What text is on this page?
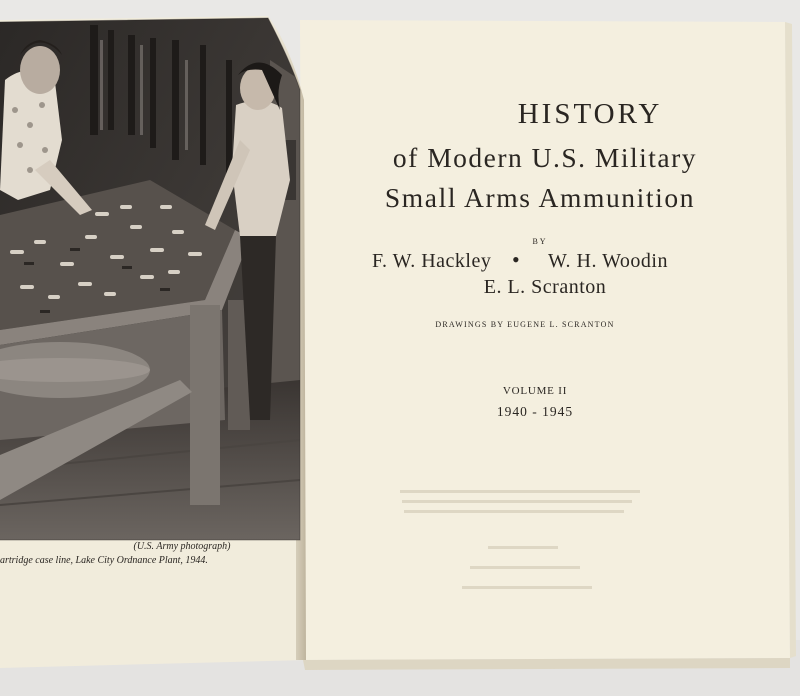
HISTORY
of Modern U.S. Military
Small Arms Ammunition
BY
F. W. Hackley • W. H. Woodin
E. L. Scranton
DRAWINGS BY EUGENE L. SCRANTON
VOLUME II
1940 - 1945
(U.S. Army photograph)
artridge case line, Lake City Ordnance Plant, 1944.
